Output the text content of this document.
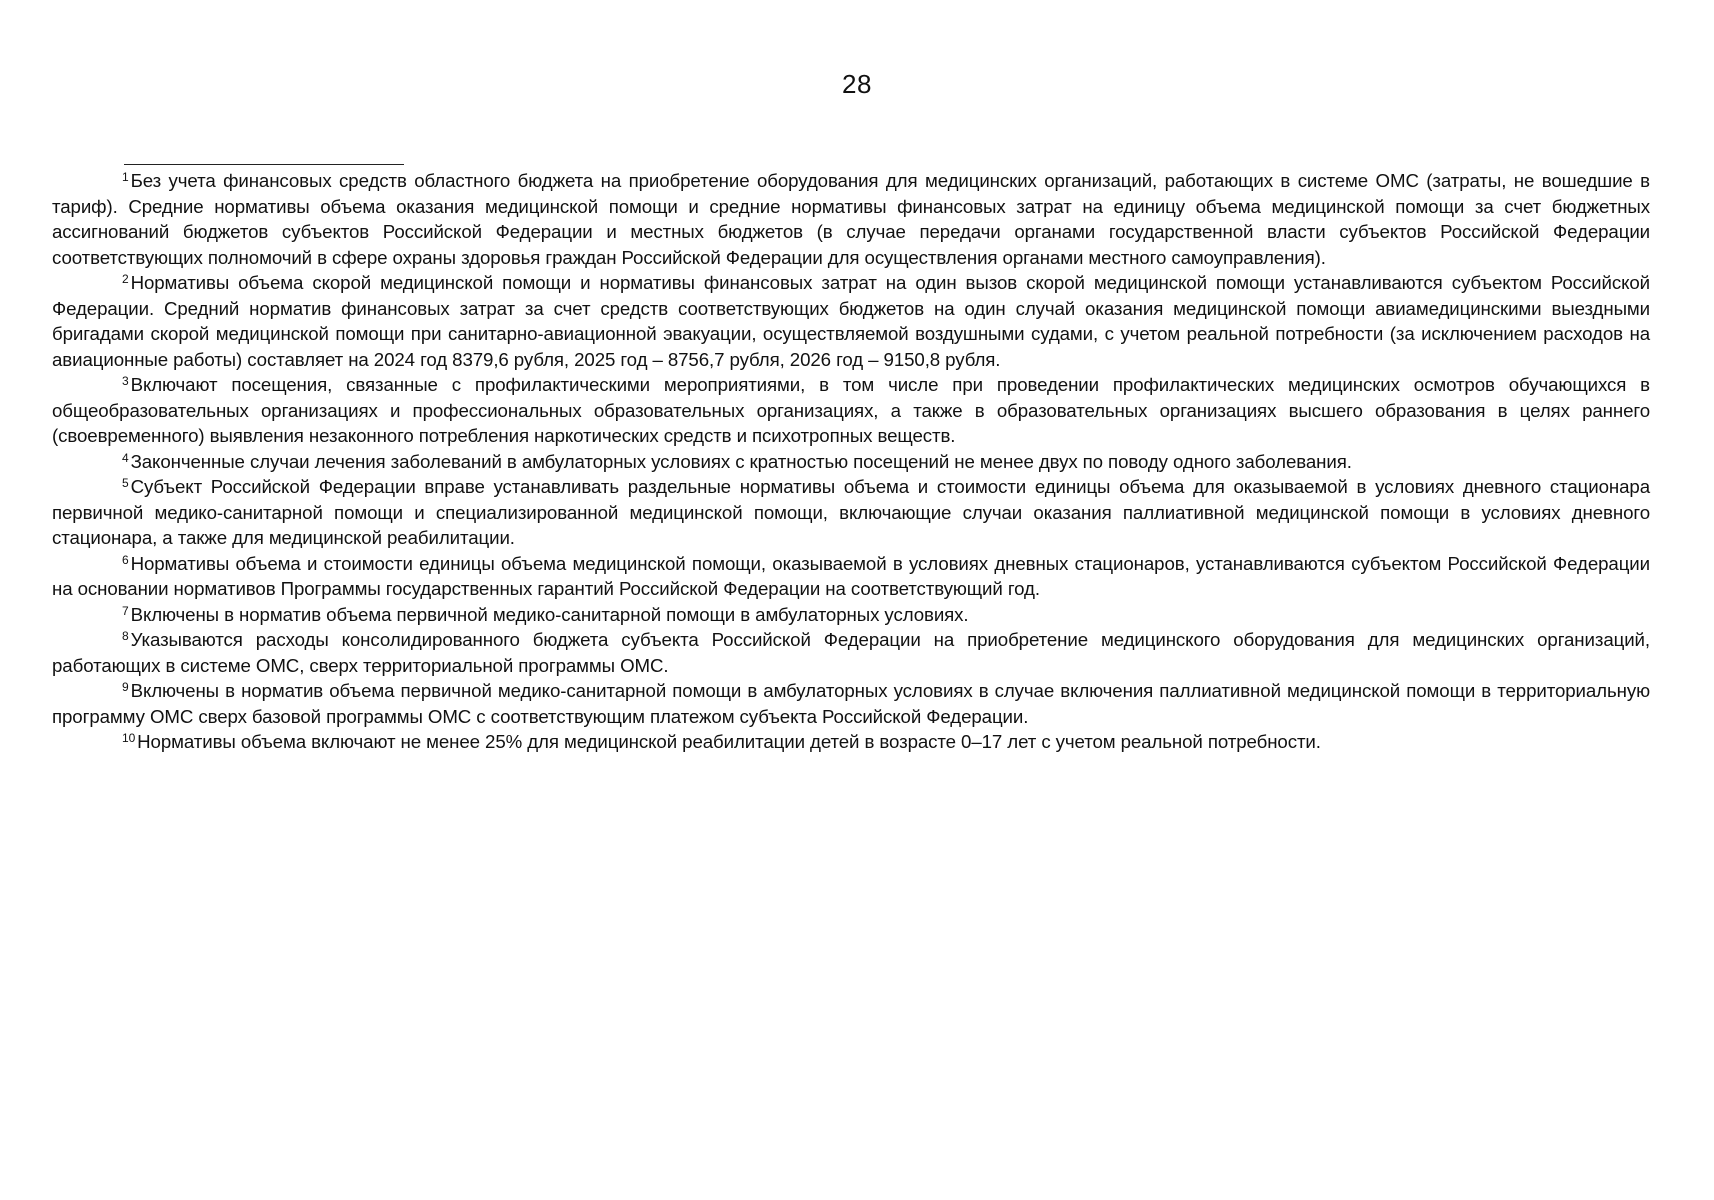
28

$^1$ Без учета финансовых средств областного бюджета на приобретение оборудования для медицинских организаций, работающих в системе ОМС (затраты, не вошедшие в тариф). Средние нормативы объема оказания медицинской помощи и средние нормативы финансовых затрат на единицу объема медицинской помощи за счет бюджетных ассигнований бюджетов субъектов Российской Федерации и местных бюджетов (в случае передачи органами государственной власти субъектов Российской Федерации соответствующих полномочий в сфере охраны здоровья граждан Российской Федерации для осуществления органами местного самоуправления).

$^2$ Нормативы объема скорой медицинской помощи и нормативы финансовых затрат на один вызов скорой медицинской помощи устанавливаются субъектом Российской Федерации. Средний норматив финансовых затрат за счет средств соответствующих бюджетов на один случай оказания медицинской помощи авиамедицинскими выездными бригадами скорой медицинской помощи при санитарно-авиационной эвакуации, осуществляемой воздушными судами, с учетом реальной потребности (за исключением расходов на авиационные работы) составляет на 2024 год 8379,6 рубля, 2025 год – 8756,7 рубля, 2026 год – 9150,8 рубля.

$^3$ Включают посещения, связанные с профилактическими мероприятиями, в том числе при проведении профилактических медицинских осмотров обучающихся в общеобразовательных организациях и профессиональных образовательных организациях, а также в образовательных организациях высшего образования в целях раннего (своевременного) выявления незаконного потребления наркотических средств и психотропных веществ.

$^4$ Законченные случаи лечения заболеваний в амбулаторных условиях с кратностью посещений не менее двух по поводу одного заболевания.

$^5$ Субъект Российской Федерации вправе устанавливать раздельные нормативы объема и стоимости единицы объема для оказываемой в условиях дневного стационара первичной медико-санитарной помощи и специализированной медицинской помощи, включающие случаи оказания паллиативной медицинской помощи в условиях дневного стационара, а также для медицинской реабилитации.

$^6$ Нормативы объема и стоимости единицы объема медицинской помощи, оказываемой в условиях дневных стационаров, устанавливаются субъектом Российской Федерации на основании нормативов Программы государственных гарантий Российской Федерации на соответствующий год.

$^7$ Включены в норматив объема первичной медико-санитарной помощи в амбулаторных условиях.

$^8$ Указываются расходы консолидированного бюджета субъекта Российской Федерации на приобретение медицинского оборудования для медицинских организаций, работающих в системе ОМС, сверх территориальной программы ОМС.

$^9$ Включены в норматив объема первичной медико-санитарной помощи в амбулаторных условиях в случае включения паллиативной медицинской помощи в территориальную программу ОМС сверх базовой программы ОМС с соответствующим платежом субъекта Российской Федерации.

$^{10}$ Нормативы объема включают не менее 25% для медицинской реабилитации детей в возрасте 0–17 лет с учетом реальной потребности.
